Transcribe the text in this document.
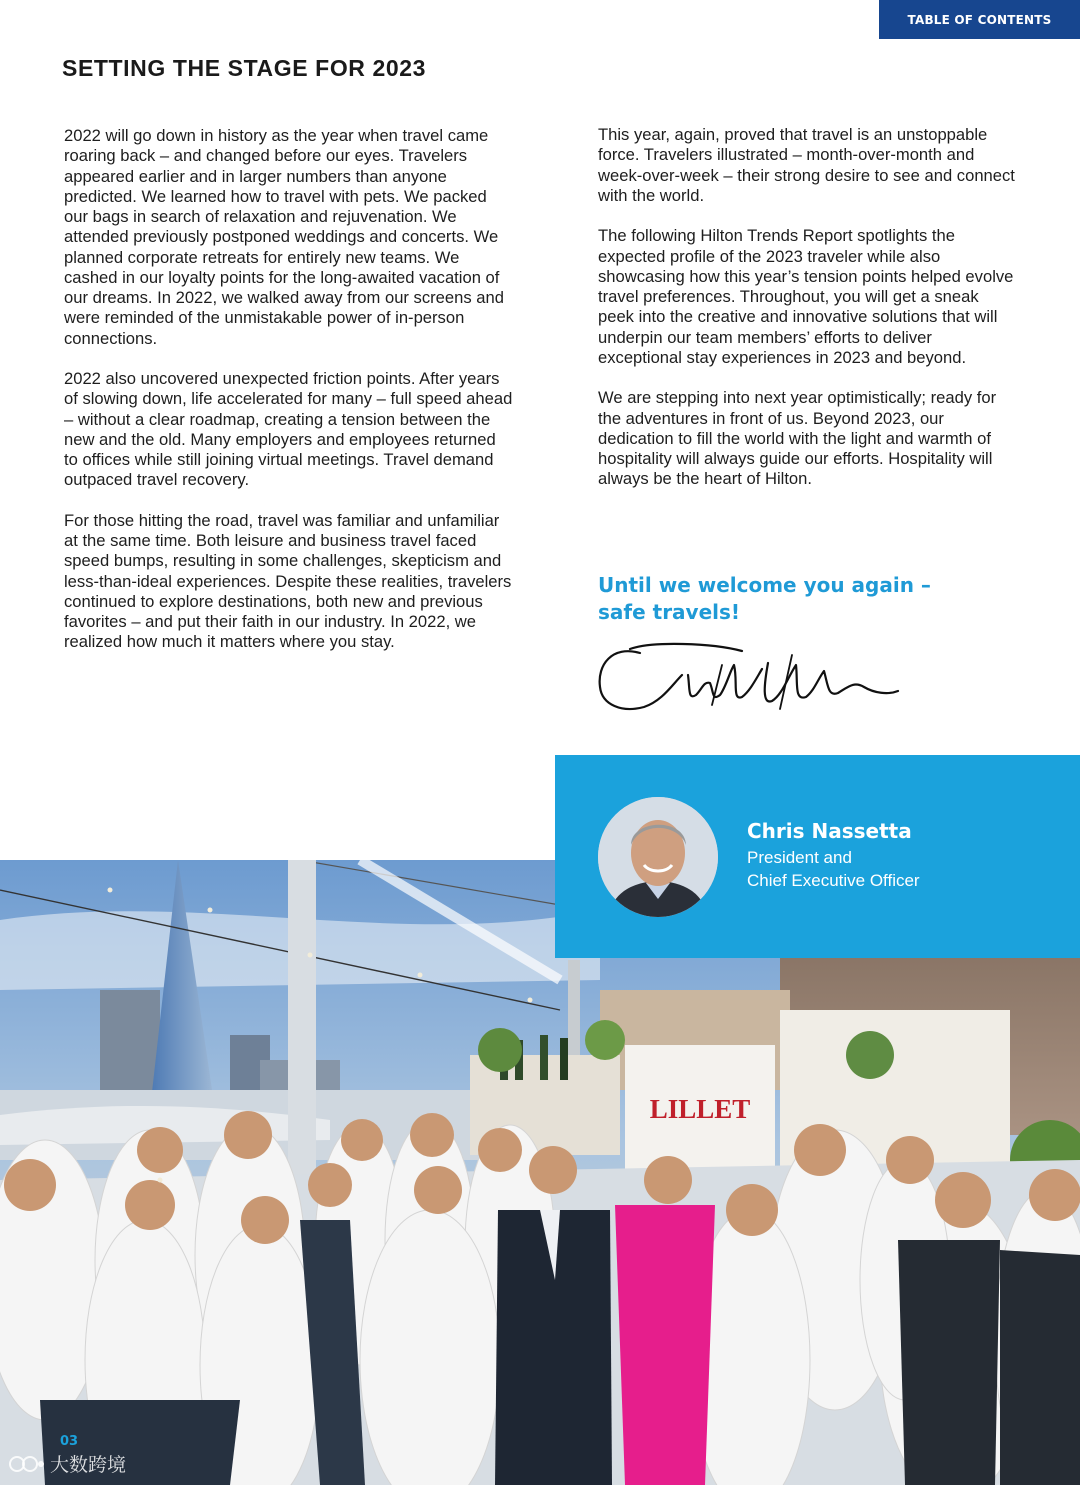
TABLE OF CONTENTS
SETTING THE STAGE FOR 2023

2022 will go down in history as the year when travel came roaring back – and changed before our eyes. Travelers appeared earlier and in larger numbers than anyone predicted. We learned how to travel with pets. We packed our bags in search of relaxation and rejuvenation. We attended previously postponed weddings and concerts. We planned corporate retreats for entirely new teams. We cashed in our loyalty points for the long-awaited vacation of our dreams. In 2022, we walked away from our screens and were reminded of the unmistakable power of in-person connections.

2022 also uncovered unexpected friction points. After years of slowing down, life accelerated for many – full speed ahead – without a clear roadmap, creating a tension between the new and the old. Many employers and employees returned to offices while still joining virtual meetings. Travel demand outpaced travel recovery.

For those hitting the road, travel was familiar and unfamiliar at the same time. Both leisure and business travel faced speed bumps, resulting in some challenges, skepticism and less-than-ideal experiences. Despite these realities, travelers continued to explore destinations, both new and previous favorites – and put their faith in our industry. In 2022, we realized how much it matters where you stay.

This year, again, proved that travel is an unstoppable force. Travelers illustrated – month-over-month and week-over-week – their strong desire to see and connect with the world.

The following Hilton Trends Report spotlights the expected profile of the 2023 traveler while also showcasing how this year’s tension points helped evolve travel preferences. Throughout, you will get a sneak peek into the creative and innovative solutions that will underpin our team members’ efforts to deliver exceptional stay experiences in 2023 and beyond.

We are stepping into next year optimistically; ready for the adventures in front of us. Beyond 2023, our dedication to fill the world with the light and warmth of hospitality will always guide our efforts. Hospitality will always be the heart of Hilton.

Until we welcome you again –
safe travels!
LILLET
Chris Nassetta
President and
Chief Executive Officer
03
大数跨境
